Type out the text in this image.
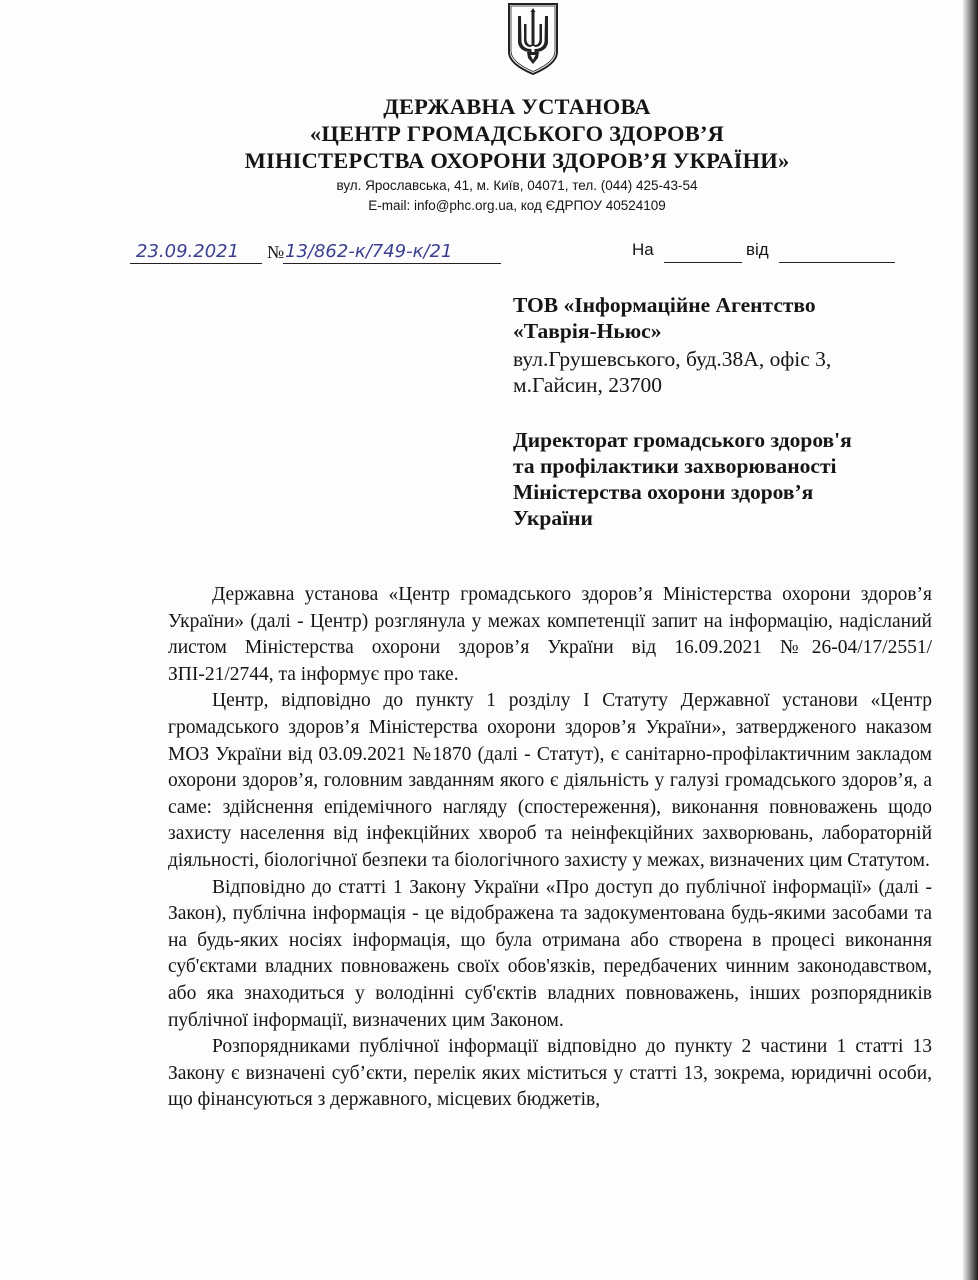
ДЕРЖАВНА УСТАНОВА
«ЦЕНТР ГРОМАДСЬКОГО ЗДОРОВ’Я
МІНІСТЕРСТВА ОХОРОНИ ЗДОРОВ’Я УКРАЇНИ»
вул. Ярославська, 41, м. Київ, 04071, тел. (044) 425-43-54
E-mail: info@phc.org.ua, код ЄДРПОУ 40524109
23.09.2021 № 13/862-к/749-к/21	На	від
ТОВ «Інформаційне Агентство
«Таврія-Ньюс»
вул.Грушевського, буд.38А, офіс 3,
м.Гайсин, 23700
Директорат громадського здоров'я
та профілактики захворюваності
Міністерства охорони здоров’я
України

Державна установа «Центр громадського здоров’я Міністерства охорони здоров’я України» (далі - Центр) розглянула у межах компетенції запит на інформацію, надісланий листом Міністерства охорони здоров’я України від 16.09.2021 №26-04/17/2551/ЗПІ-21/2744, та інформує про таке.

Центр, відповідно до пункту 1 розділу I Статуту Державної установи «Центр громадського здоров’я Міністерства охорони здоров’я України», затвердженого наказом МОЗ України від 03.09.2021 №1870 (далі - Статут), є санітарно-профілактичним закладом охорони здоров’я, головним завданням якого є діяльність у галузі громадського здоров’я, а саме: здійснення епідемічного нагляду (спостереження), виконання повноважень щодо захисту населення від інфекційних хвороб та неінфекційних захворювань, лабораторній діяльності, біологічної безпеки та біологічного захисту у межах, визначених цим Статутом.

Відповідно до статті 1 Закону України «Про доступ до публічної інформації» (далі - Закон), публічна інформація - це відображена та задокументована будь-якими засобами та на будь-яких носіях інформація, що була отримана або створена в процесі виконання суб'єктами владних повноважень своїх обов'язків, передбачених чинним законодавством, або яка знаходиться у володінні суб'єктів владних повноважень, інших розпорядників публічної інформації, визначених цим Законом.

Розпорядниками публічної інформації відповідно до пункту 2 частини 1 статті 13 Закону є визначені суб’єкти, перелік яких міститься у статті 13, зокрема, юридичні особи, що фінансуються з державного, місцевих бюджетів,
